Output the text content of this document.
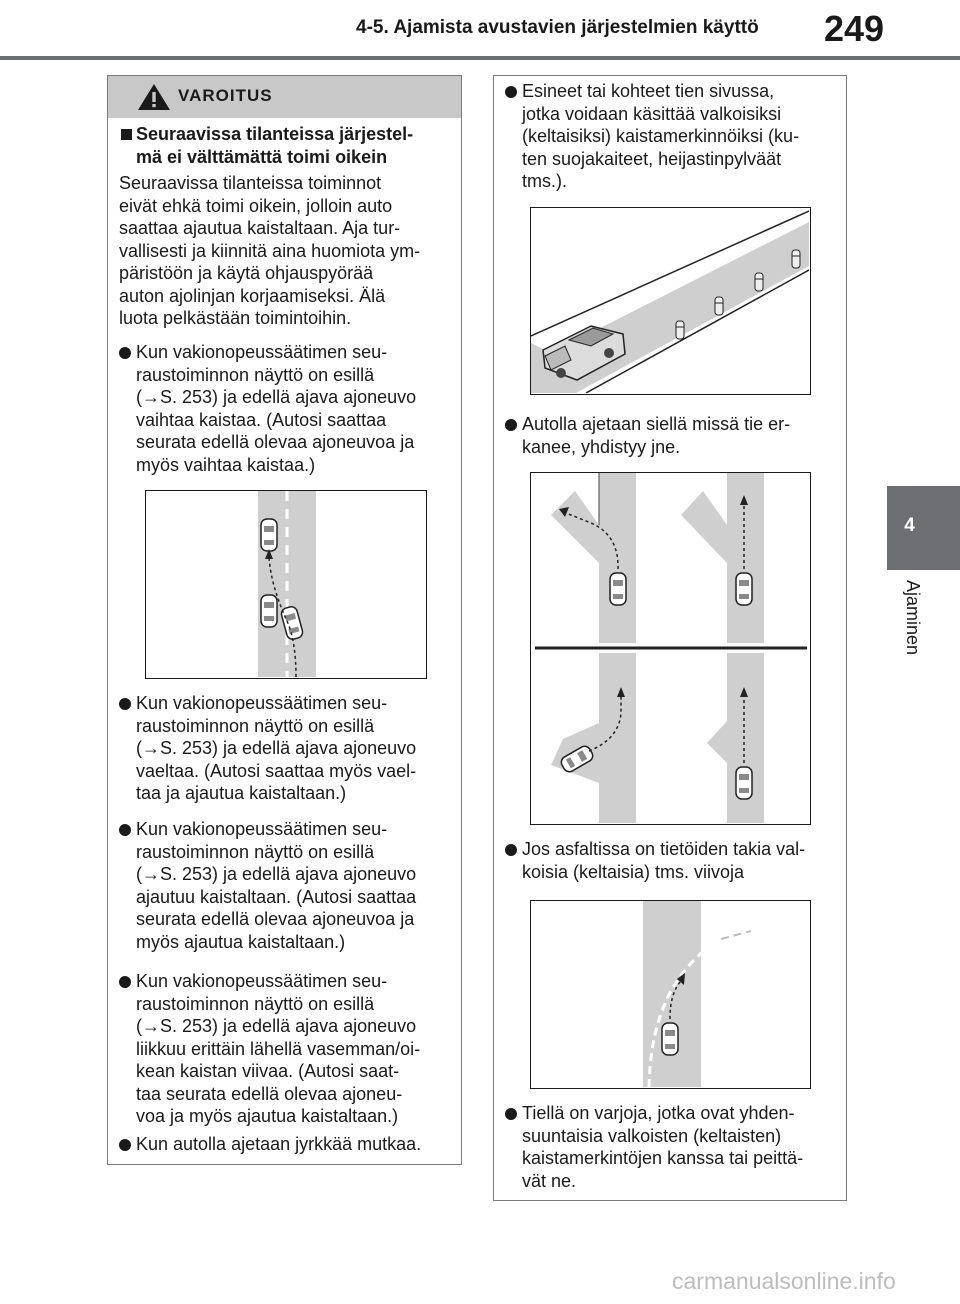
4-5. Ajamista avustavien järjestelmien käyttö 249
4
Ajaminen
VAROITUS
Seuraavissa tilanteissa järjestel-
mä ei välttämättä toimi oikein
Seuraavissa tilanteissa toiminnot
eivät ehkä toimi oikein, jolloin auto
saattaa ajautua kaistaltaan. Aja tur-
vallisesti ja kiinnitä aina huomiota ym-
päristöön ja käytä ohjauspyörää
auton ajolinjan korjaamiseksi. Älä
luota pelkästään toimintoihin.
Kun vakionopeussäätimen seu-
raustoiminnon näyttö on esillä
(→S. 253) ja edellä ajava ajoneuvo
vaihtaa kaistaa. (Autosi saattaa
seurata edellä olevaa ajoneuvoa ja
myös vaihtaa kaistaa.)
Kun vakionopeussäätimen seu-
raustoiminnon näyttö on esillä
(→S. 253) ja edellä ajava ajoneuvo
vaeltaa. (Autosi saattaa myös vael-
taa ja ajautua kaistaltaan.)
Kun vakionopeussäätimen seu-
raustoiminnon näyttö on esillä
(→S. 253) ja edellä ajava ajoneuvo
ajautuu kaistaltaan. (Autosi saattaa
seurata edellä olevaa ajoneuvoa ja
myös ajautua kaistaltaan.)
Kun vakionopeussäätimen seu-
raustoiminnon näyttö on esillä
(→S. 253) ja edellä ajava ajoneuvo
liikkuu erittäin lähellä vasemman/oi-
kean kaistan viivaa. (Autosi saat-
taa seurata edellä olevaa ajoneu-
voa ja myös ajautua kaistaltaan.)
Kun autolla ajetaan jyrkkää mutkaa.
Esineet tai kohteet tien sivussa,
jotka voidaan käsittää valkoisiksi
(keltaisiksi) kaistamerkinnöiksi (ku-
ten suojakaiteet, heijastinpylväät
tms.).
Autolla ajetaan siellä missä tie er-
kanee, yhdistyy jne.
Jos asfaltissa on tietöiden takia val-
koisia (keltaisia) tms. viivoja
Tiellä on varjoja, jotka ovat yhden-
suuntaisia valkoisten (keltaisten)
kaistamerkintöjen kanssa tai peittä-
vät ne.
carmanualsonline.info
